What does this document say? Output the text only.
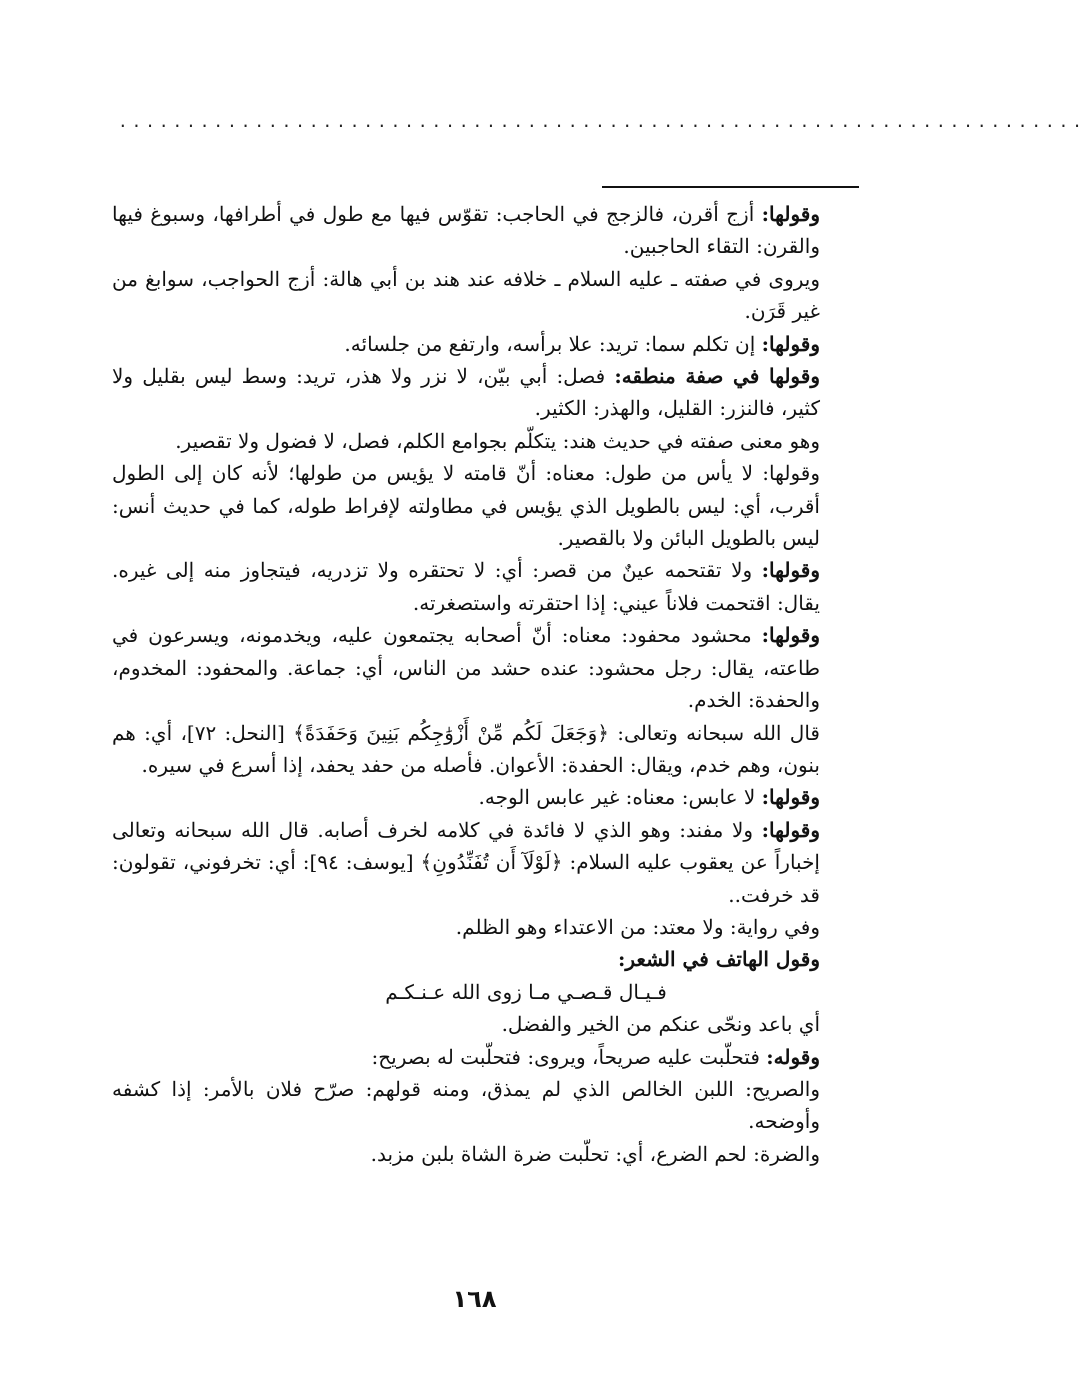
.......................................................................

وقولها: أزج أقرن، فالزجج في الحاجب: تقوّس فيها مع طول في أطرافها، وسبوغ فيها والقرن: التقاء الحاجبين.

ويروى في صفته ـ عليه السلام ـ خلافه عند هند بن أبي هالة: أزج الحواجب، سوابغ من غير قَرَن.

وقولها: إن تكلم سما: تريد: علا برأسه، وارتفع من جلسائه.

وقولها في صفة منطقه: فصل: أبي بيّن، لا نزر ولا هذر، تريد: وسط ليس بقليل ولا كثير، فالنزر: القليل، والهذر: الكثير.

وهو معنى صفته في حديث هند: يتكلّم بجوامع الكلم، فصل، لا فضول ولا تقصير.

وقولها: لا يأس من طول: معناه: أنّ قامته لا يؤيس من طولها؛ لأنه كان إلى الطول أقرب، أي: ليس بالطويل الذي يؤيس في مطاولته لإفراط طوله، كما في حديث أنس: ليس بالطويل البائن ولا بالقصير.

وقولها: ولا تقتحمه عينٌ من قصر: أي: لا تحتقره ولا تزدريه، فيتجاوز منه إلى غيره. يقال: اقتحمت فلاناً عيني: إذا احتقرته واستصغرته.

وقولها: محشود محفود: معناه: أنّ أصحابه يجتمعون عليه، ويخدمونه، ويسرعون في طاعته، يقال: رجل محشود: عنده حشد من الناس، أي: جماعة. والمحفود: المخدوم، والحفدة: الخدم.

قال الله سبحانه وتعالى: ﴿وَجَعَلَ لَكُم مِّنْ أَزْوَٰجِكُم بَنِينَ وَحَفَدَةً﴾ [النحل: ٧٢]، أي: هم بنون، وهم خدم، ويقال: الحفدة: الأعوان. فأصله من حفد يحفد، إذا أسرع في سيره.

وقولها: لا عابس: معناه: غير عابس الوجه.

وقولها: ولا مفند: وهو الذي لا فائدة في كلامه لخرف أصابه. قال الله سبحانه وتعالى إخباراً عن يعقوب عليه السلام: ﴿لَوْلَآ أَن تُفَنِّدُونِ﴾ [يوسف: ٩٤]: أي: تخرفوني، تقولون: قد خرفت..

وفي رواية: ولا معتد: من الاعتداء وهو الظلم.

وقول الهاتف في الشعر:

فـيـال قـصـي مـا زوى الله عـنـكـم

أي باعد ونحّى عنكم من الخير والفضل.

وقوله: فتحلّبت عليه صريحاً، ويروى: فتحلّبت له بصريح:

والصريح: اللبن الخالص الذي لم يمذق، ومنه قولهم: صرّح فلان بالأمر: إذا كشفه وأوضحه.

والضرة: لحم الضرع، أي: تحلّبت ضرة الشاة بلبن مزبد.

١٦٨
